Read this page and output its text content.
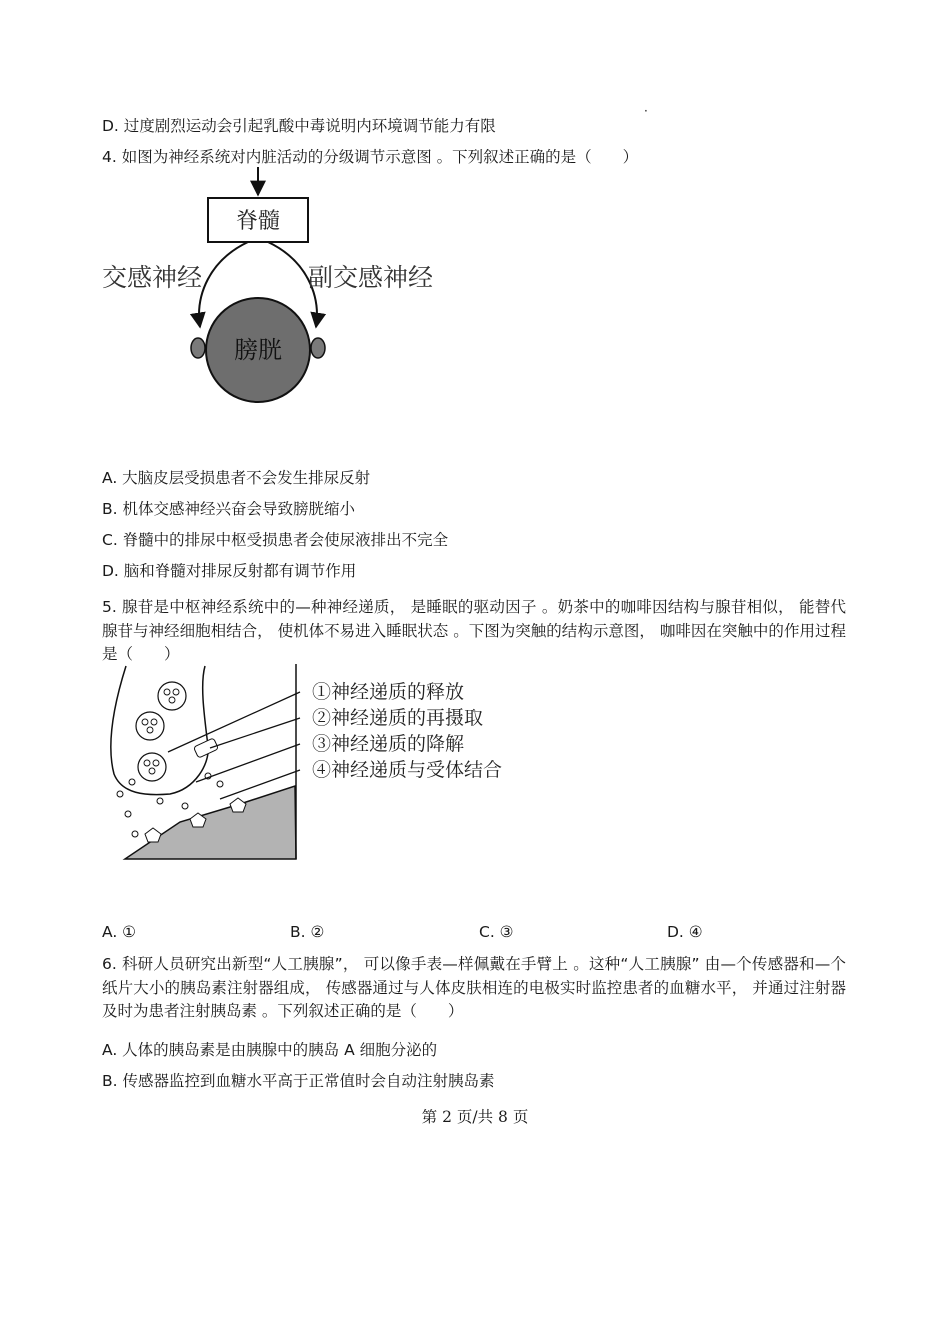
·
D. 过度剧烈运动会引起乳酸中毒说明内环境调节能力有限
4. 如图为神经系统对内脏活动的分级调节示意图 。下列叙述正确的是（　　）
脊髓
交感神经	副交感神经
膀胱
A. 大脑皮层受损患者不会发生排尿反射
B. 机体交感神经兴奋会导致膀胱缩小
C. 脊髓中的排尿中枢受损患者会使尿液排出不完全
D. 脑和脊髓对排尿反射都有调节作用
5. 腺苷是中枢神经系统中的—种神经递质， 是睡眠的驱动因子 。奶茶中的咖啡因结构与腺苷相似， 能替代腺苷与神经细胞相结合， 使机体不易进入睡眠状态 。下图为突触的结构示意图， 咖啡因在突触中的作用过程是（　　）
①神经递质的释放
②神经递质的再摄取
③神经递质的降解
④神经递质与受体结合
A. ①	B. ②	C. ③	D. ④
6. 科研人员研究出新型“人工胰腺”， 可以像手表—样佩戴在手臂上 。这种“人工胰腺” 由—个传感器和—个纸片大小的胰岛素注射器组成， 传感器通过与人体皮肤相连的电极实时监控患者的血糖水平， 并通过注射器及时为患者注射胰岛素 。下列叙述正确的是（　　）
A. 人体的胰岛素是由胰腺中的胰岛 A 细胞分泌的
B. 传感器监控到血糖水平高于正常值时会自动注射胰岛素
第 2 页/共 8 页
